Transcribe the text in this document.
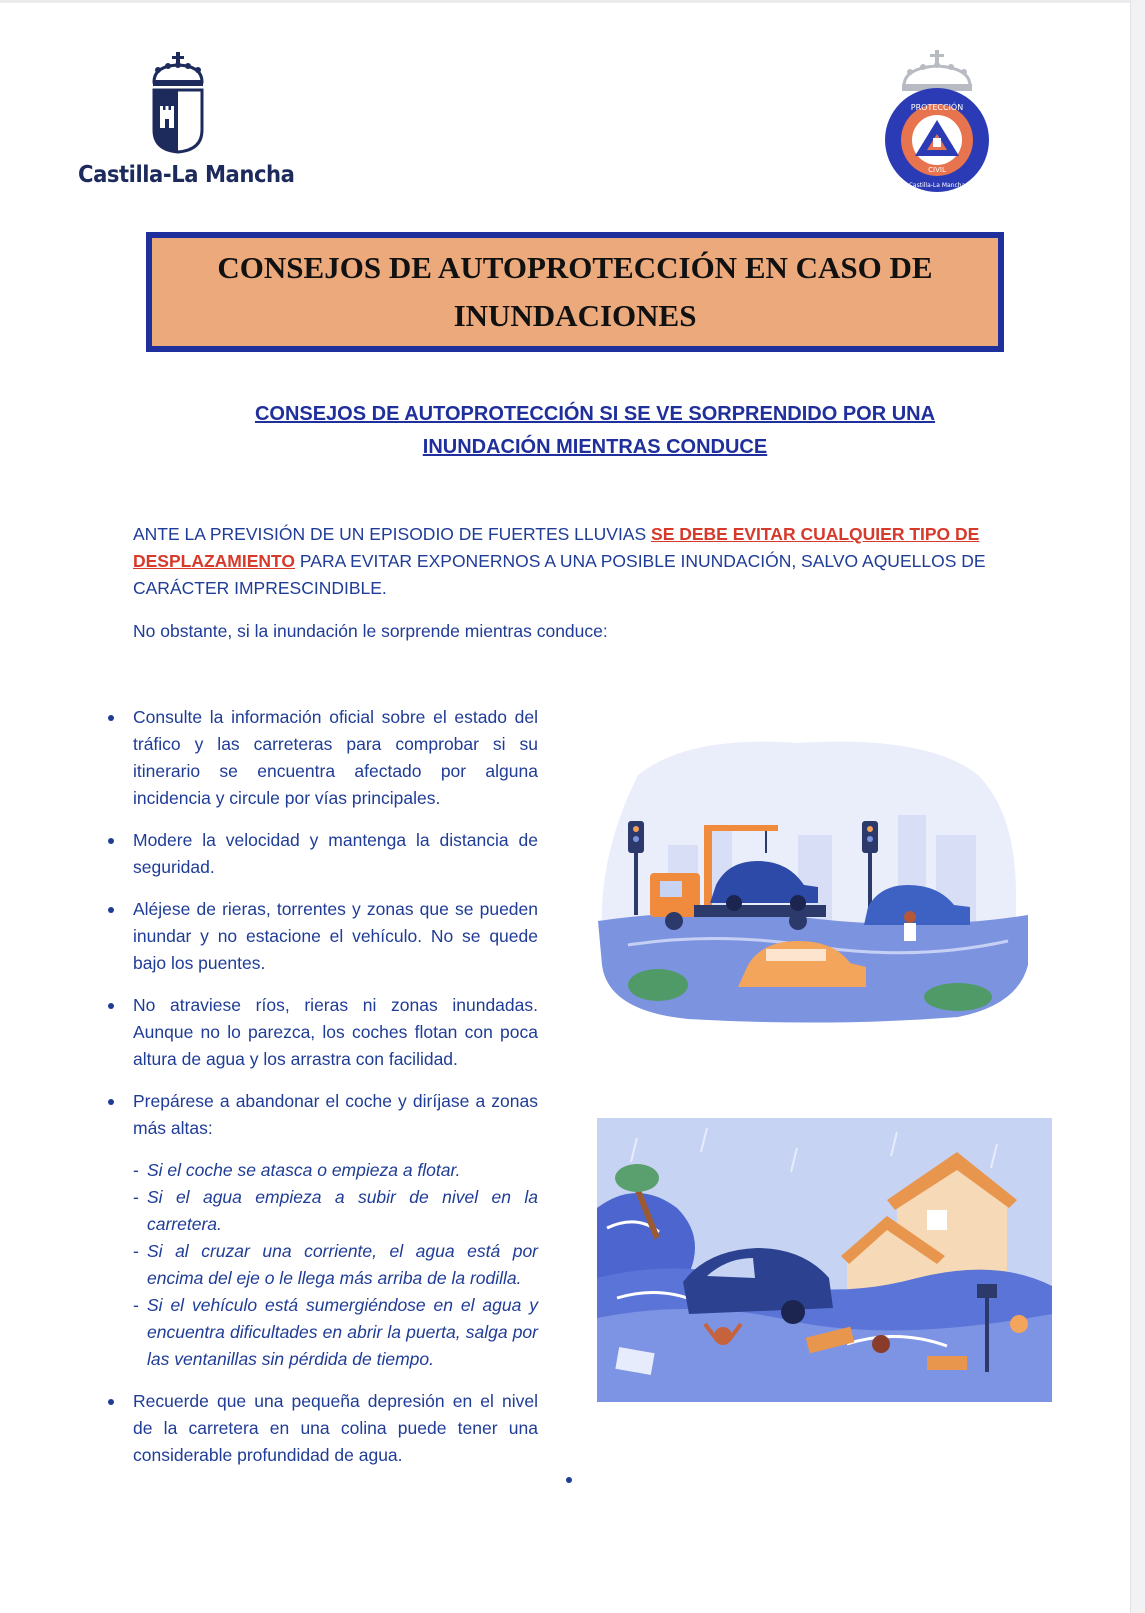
Castilla-La Mancha
PROTECCIÓN
CIVIL
Castilla-La Mancha
CONSEJOS DE AUTOPROTECCIÓN EN CASO DE INUNDACIONES

CONSEJOS DE AUTOPROTECCIÓN SI SE VE SORPRENDIDO POR UNA INUNDACIÓN MIENTRAS CONDUCE

ANTE LA PREVISIÓN DE UN EPISODIO DE FUERTES LLUVIAS SE DEBE EVITAR CUALQUIER TIPO DE DESPLAZAMIENTO PARA EVITAR EXPONERNOS A UNA POSIBLE INUNDACIÓN, SALVO AQUELLOS DE CARÁCTER IMPRESCINDIBLE.

No obstante, si la inundación le sorprende mientras conduce:

Consulte la información oficial sobre el estado del tráfico y las carreteras para comprobar si su itinerario se encuentra afectado por alguna incidencia y circule por vías principales.
Modere la velocidad y mantenga la distancia de seguridad.
Aléjese de rieras, torrentes y zonas que se pueden inundar y no estacione el vehículo. No se quede bajo los puentes.
No atraviese ríos, rieras ni zonas inundadas. Aunque no lo parezca, los coches flotan con poca altura de agua y los arrastra con facilidad.
Prepárese a abandonar el coche y diríjase a zonas más altas:
- Si el coche se atasca o empieza a flotar.
- Si el agua empieza a subir de nivel en la carretera.
- Si al cruzar una corriente, el agua está por encima del eje o le llega más arriba de la rodilla.
- Si el vehículo está sumergiéndose en el agua y encuentra dificultades en abrir la puerta, salga por las ventanillas sin pérdida de tiempo.
Recuerde que una pequeña depresión en el nivel de la carretera en una colina puede tener una considerable profundidad de agua.
